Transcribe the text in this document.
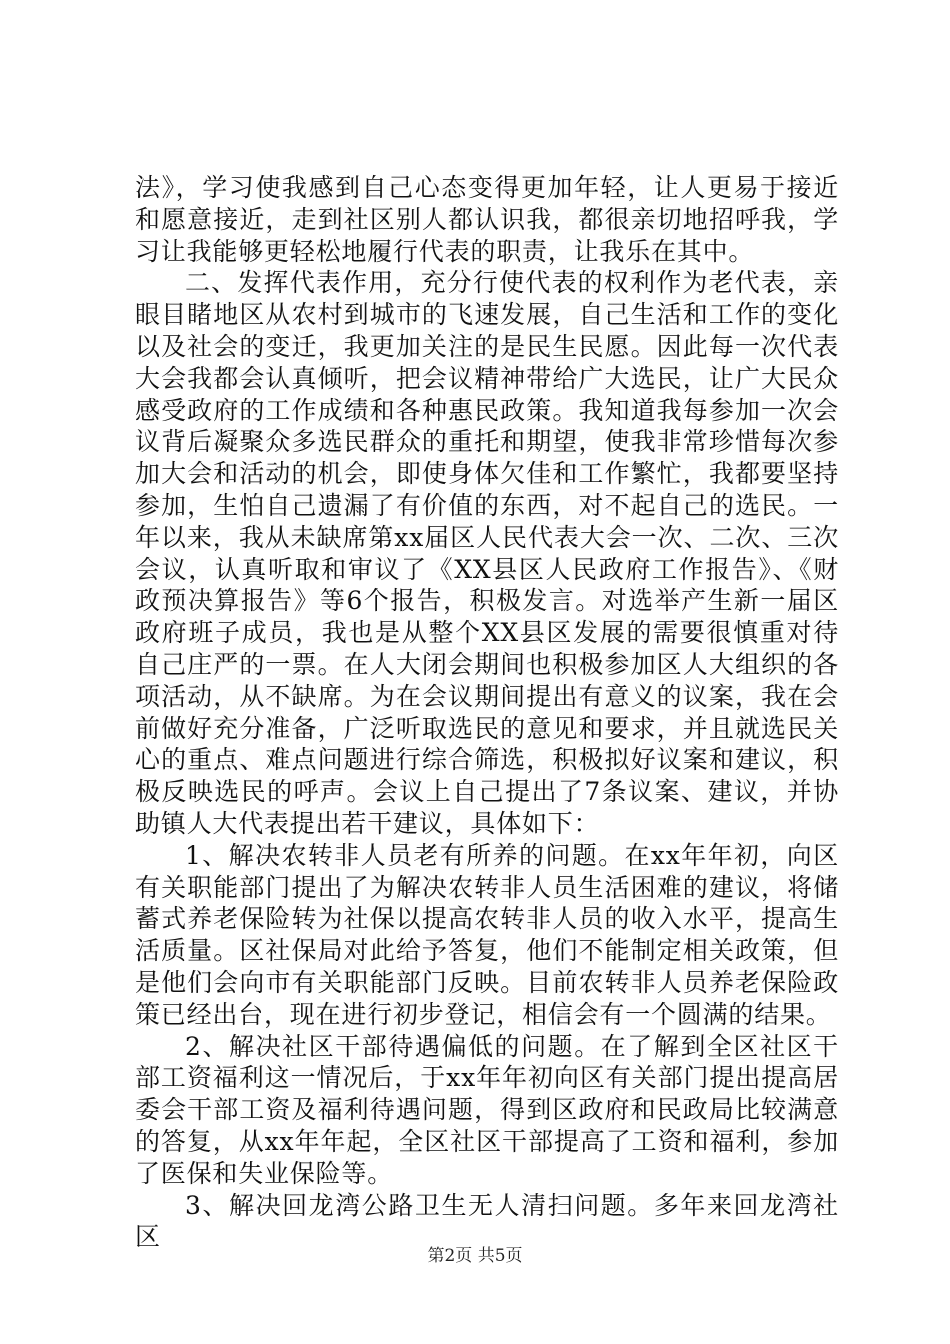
法》，学习使我感到自己心态变得更加年轻，让人更易于接近和愿意接近，走到社区别人都认识我，都很亲切地招呼我，学习让我能够更轻松地履行代表的职责，让我乐在其中。

二、发挥代表作用，充分行使代表的权利作为老代表，亲眼目睹地区从农村到城市的飞速发展，自己生活和工作的变化以及社会的变迁，我更加关注的是民生民愿。因此每一次代表大会我都会认真倾听，把会议精神带给广大选民，让广大民众感受政府的工作成绩和各种惠民政策。我知道我每参加一次会议背后凝聚众多选民群众的重托和期望，使我非常珍惜每次参加大会和活动的机会，即使身体欠佳和工作繁忙，我都要坚持参加，生怕自己遗漏了有价值的东西，对不起自己的选民。一年以来，我从未缺席第xx届区人民代表大会一次、二次、三次会议，认真听取和审议了《XX县区人民政府工作报告》、《财政预决算报告》等6个报告，积极发言。对选举产生新一届区政府班子成员，我也是从整个XX县区发展的需要很慎重对待自己庄严的一票。在人大闭会期间也积极参加区人大组织的各项活动，从不缺席。为在会议期间提出有意义的议案，我在会前做好充分准备，广泛听取选民的意见和要求，并且就选民关心的重点、难点问题进行综合筛选，积极拟好议案和建议，积极反映选民的呼声。会议上自己提出了7条议案、建议，并协助镇人大代表提出若干建议，具体如下：

1、解决农转非人员老有所养的问题。在xx年年初，向区有关职能部门提出了为解决农转非人员生活困难的建议，将储蓄式养老保险转为社保以提高农转非人员的收入水平，提高生活质量。区社保局对此给予答复，他们不能制定相关政策，但是他们会向市有关职能部门反映。目前农转非人员养老保险政策已经出台，现在进行初步登记，相信会有一个圆满的结果。

2、解决社区干部待遇偏低的问题。在了解到全区社区干部工资福利这一情况后，于xx年年初向区有关部门提出提高居委会干部工资及福利待遇问题，得到区政府和民政局比较满意的答复，从xx年年起，全区社区干部提高了工资和福利，参加了医保和失业保险等。

3、解决回龙湾公路卫生无人清扫问题。多年来回龙湾社区

第2页 共5页
